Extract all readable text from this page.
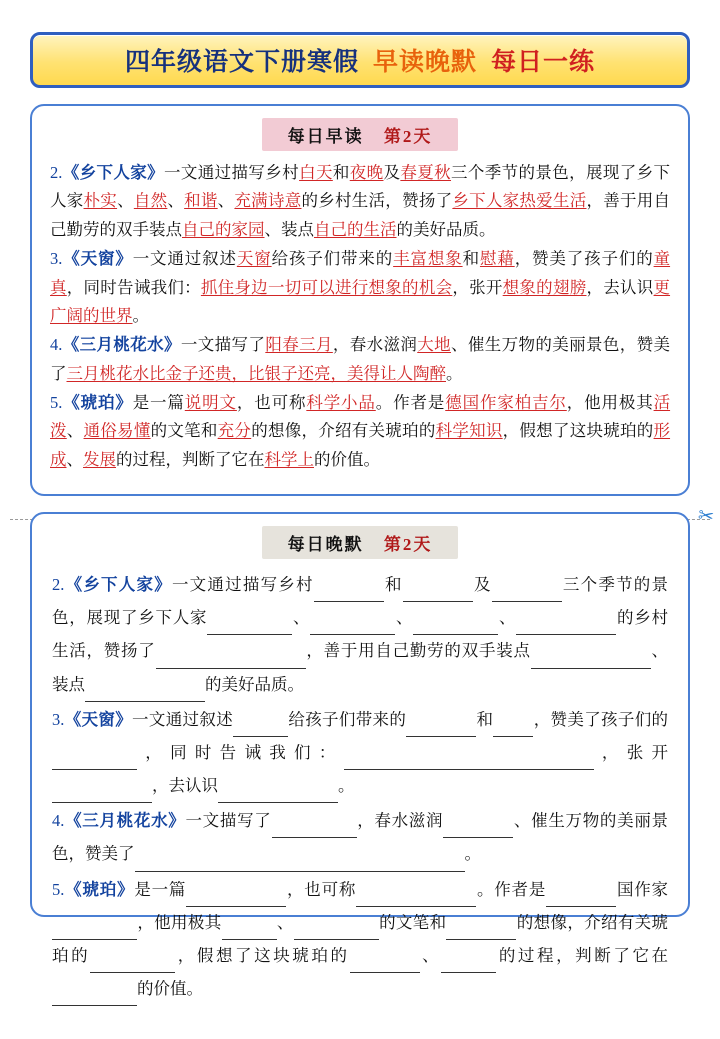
四年级语文下册寒假 早读晚默 每日一练
每日早读 第2天

2.《乡下人家》一文通过描写乡村白天和夜晚及春夏秋三个季节的景色，展现了乡下人家朴实、自然、和谐、充满诗意的乡村生活，赞扬了乡下人家热爱生活，善于用自己勤劳的双手装点自己的家园、装点自己的生活的美好品质。

3.《天窗》一文通过叙述天窗给孩子们带来的丰富想象和慰藉，赞美了孩子们的童真，同时告诫我们：抓住身边一切可以进行想象的机会，张开想象的翅膀，去认识更广阔的世界。

4.《三月桃花水》一文描写了阳春三月，春水滋润大地、催生万物的美丽景色，赞美了三月桃花水比金子还贵，比银子还亮，美得让人陶醉。

5.《琥珀》是一篇说明文，也可称科学小品。作者是德国作家柏吉尔，他用极其活泼、通俗易懂的文笔和充分的想像，介绍有关琥珀的科学知识，假想了这块琥珀的形成、发展的过程，判断了它在科学上的价值。

✂
每日晚默 第2天

2.《乡下人家》一文通过描写乡村	和	及	三个季节的景色，展现了乡下人家	、	、	、	的乡村生活，赞扬了	，善于用自己勤劳的双手装点	、装点	的美好品质。

3.《天窗》一文通过叙述	给孩子们带来的	和 ，赞美了孩子们的 ，同时告诫我们：	，张开 ，去认识	。

4.《三月桃花水》一文描写了	，春水滋润	、催生万物的美丽景色，赞美了	。

5.《琥珀》是一篇	，也可称	。作者是	国作家 ，他用极其	、	的文笔和	的想像，介绍有关琥珀的	，假想了这块琥珀的	、	的过程，判断了它在 的价值。
